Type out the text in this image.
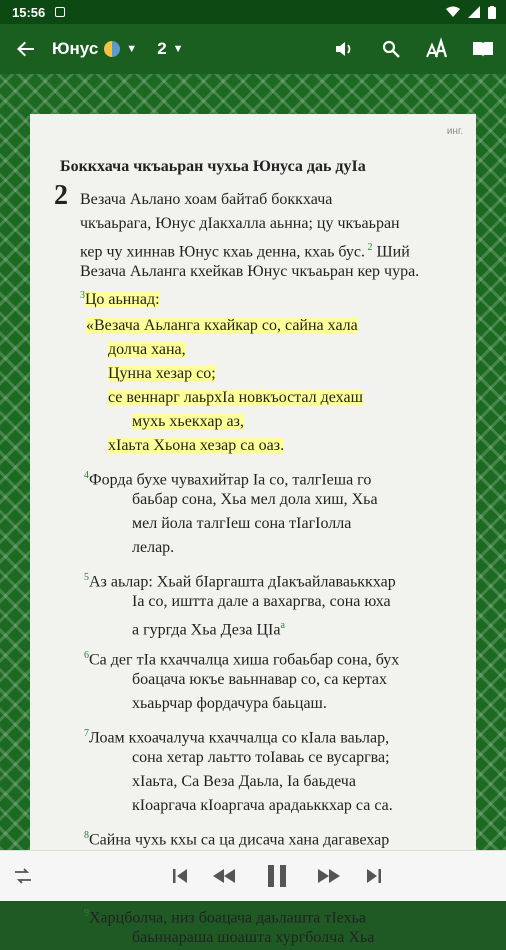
15:56
Юнус	▼ 2 ▼
инг.
Боккхача чкъаьран чухьа Юнуса даь дуІа
2 Везача Аьлано хоам байтаб боккхача
чкъаьрага, Юнус дІакхалла аьнна; цу чкъаьран
кер чу хиннав Юнус кхаь денна, кхаь бус. $^2$ Ший
Везача Аьланга кхейкав Юнус чкъаьран кер чура.
$^3$Цо аьннад:
«Везача Аьланга кхайкар со, сайна хала
долча хана,
Цунна хезар со;
се веннарг лаьрхІа новкъостал дехаш
мухь хьекхар аз,
хІаьта Хьона хезар са оаз.
$^4$Форда бухе чувахийтар Іа со, талгІеша го
баьбар сона, Хьа мел дола хиш, Хьа
мел йола талгІеш сона тІагІолла
лелар.
$^5$Аз аьлар: Хьай бІаргашта дІакъайлаваьккхар
Іа со, иштта дале а вахаргва, сона юха
а гургда Хьа Деза ЦІа$^а$
$^6$Са дег тІа кхаччалца хиша гобаьбар сона, бух
боацача юкъе ваьннавар со, са кертах
хьаьрчар фордачура баьцаш.
$^7$Лоам кхоачалуча кхаччалца со кІала ваьлар,
сона хетар лаьтто тоІаваь се вусаргва;
хІаьта, Са Веза Даьла, Іа баьдеча
кІоаргача кІоаргача арадаьккхар са са.
$^8$Сайна чухь кхы са ца дисача хана дагавехар
$^9$Харцболча, низ боацача даьлашта тІехьа
баьннараша шоашта хургболча Хьа
